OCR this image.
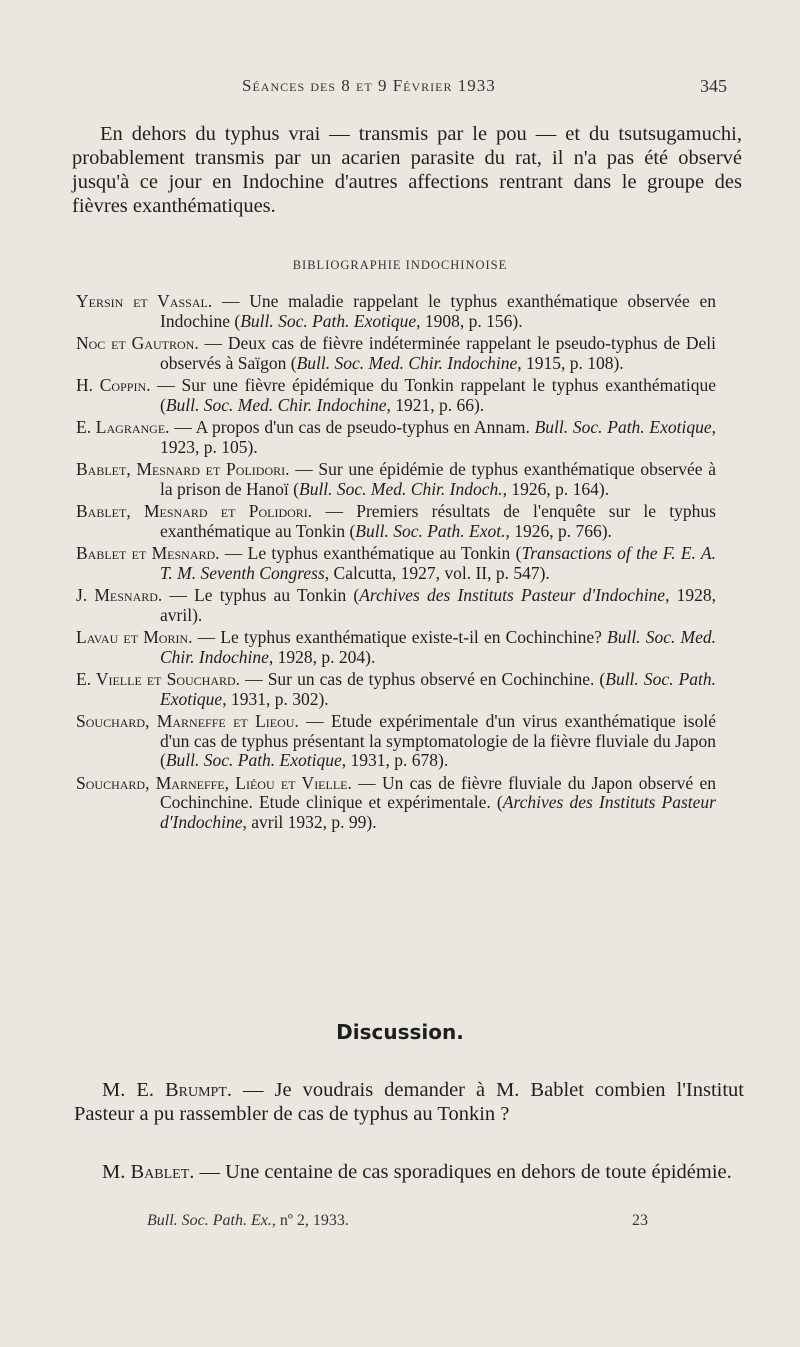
Séances des 8 et 9 Février 1933	345

En dehors du typhus vrai — transmis par le pou — et du tsutsugamuchi, probablement transmis par un acarien parasite du rat, il n'a pas été observé jusqu'à ce jour en Indochine d'autres affections rentrant dans le groupe des fièvres exanthématiques.

BIBLIOGRAPHIE INDOCHINOISE

Yersin et Vassal. — Une maladie rappelant le typhus exanthématique observée en Indochine (Bull. Soc. Path. Exotique, 1908, p. 156).

Noc et Gautron. — Deux cas de fièvre indéterminée rappelant le pseudo-typhus de Deli observés à Saïgon (Bull. Soc. Med. Chir. Indochine, 1915, p. 108).

H. Coppin. — Sur une fièvre épidémique du Tonkin rappelant le typhus exanthématique (Bull. Soc. Med. Chir. Indochine, 1921, p. 66).

E. Lagrange. — A propos d'un cas de pseudo-typhus en Annam. Bull. Soc. Path. Exotique, 1923, p. 105).

Bablet, Mesnard et Polidori. — Sur une épidémie de typhus exanthématique observée à la prison de Hanoï (Bull. Soc. Med. Chir. Indoch., 1926, p. 164).

Bablet, Mesnard et Polidori. — Premiers résultats de l'enquête sur le typhus exanthématique au Tonkin (Bull. Soc. Path. Exot., 1926, p. 766).

Bablet et Mesnard. — Le typhus exanthématique au Tonkin (Transactions of the F. E. A. T. M. Seventh Congress, Calcutta, 1927, vol. II, p. 547).

J. Mesnard. — Le typhus au Tonkin (Archives des Instituts Pasteur d'Indochine, 1928, avril).

Lavau et Morin. — Le typhus exanthématique existe-t-il en Cochinchine? Bull. Soc. Med. Chir. Indochine, 1928, p. 204).

E. Vielle et Souchard. — Sur un cas de typhus observé en Cochinchine. (Bull. Soc. Path. Exotique, 1931, p. 302).

Souchard, Marneffe et Lieou. — Etude expérimentale d'un virus exanthématique isolé d'un cas de typhus présentant la symptomatologie de la fièvre fluviale du Japon (Bull. Soc. Path. Exotique, 1931, p. 678).

Souchard, Marneffe, Liéou et Vielle. — Un cas de fièvre fluviale du Japon observé en Cochinchine. Etude clinique et expérimentale. (Archives des Instituts Pasteur d'Indochine, avril 1932, p. 99).

Discussion.

M. E. Brumpt. — Je voudrais demander à M. Bablet combien l'Institut Pasteur a pu rassembler de cas de typhus au Tonkin ?

M. Bablet. — Une centaine de cas sporadiques en dehors de toute épidémie.

Bull. Soc. Path. Ex., nº 2, 1933.	23
